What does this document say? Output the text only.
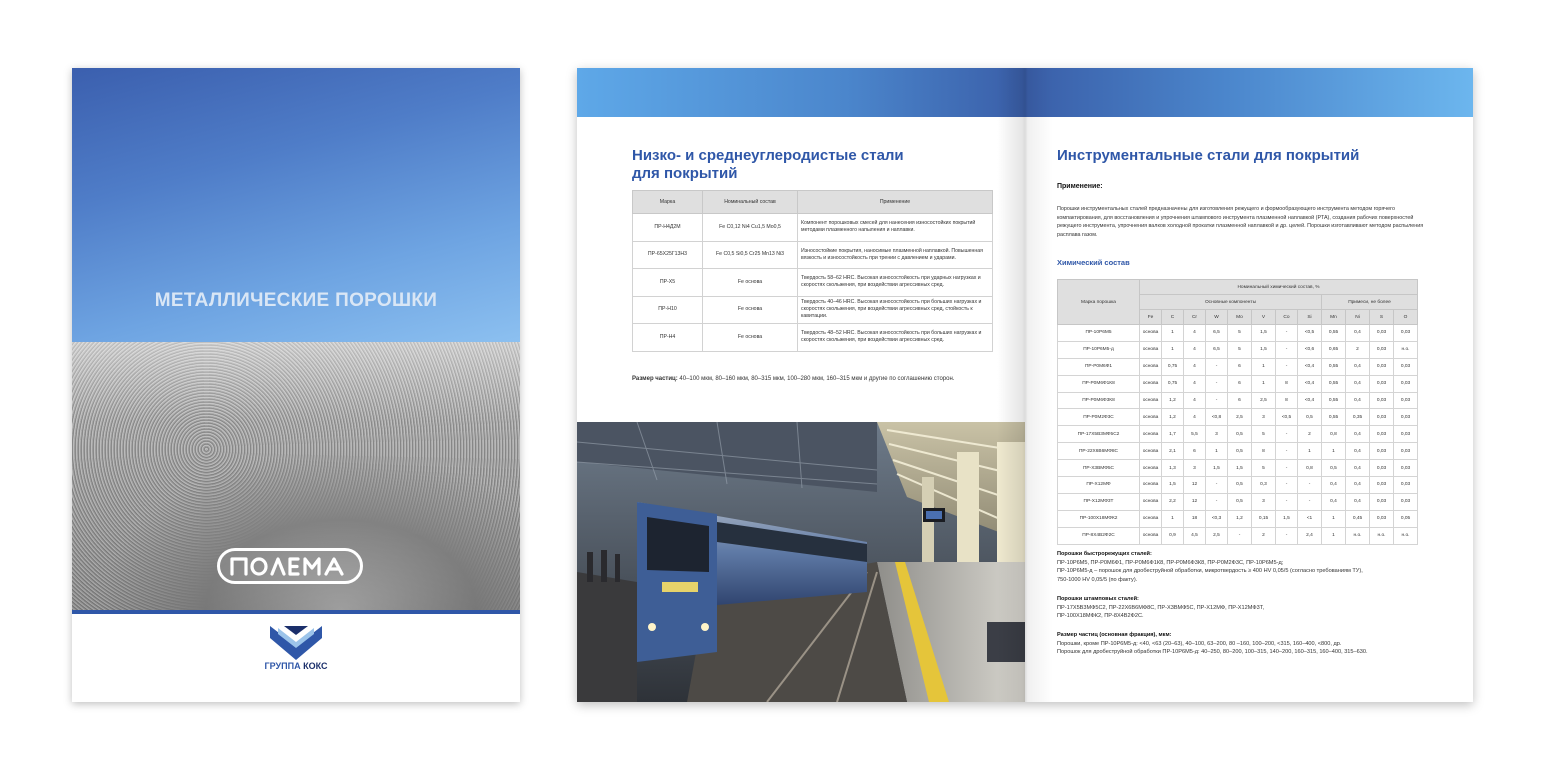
МЕТАЛЛИЧЕСКИЕ ПОРОШКИ
ГРУППА КОКС
Низко- и среднеуглеродистые стали
для покрытий
Марка	Номинальный состав	Применение
ПР-Н4Д2М	Fe C0,12 Ni4 Cu1,5 Mo0,5	Компонент порошковых смесей для нанесения износостойких покрытий методами плазменного напыления и наплавки.
ПР-65Х25Г13Н3	Fe C0,5 Si0,5 Cr25 Mn13 Ni3	Износостойкие покрытия, наносимые плазменной наплавкой. Повышенная вязкость и износостойкость при трении с давлением и ударами.
ПР-Х5	Fe основа	Твердость 58–62 HRC. Высокая износостойкость при ударных нагрузках и скоростях скольжения, при воздействии агрессивных сред.
ПР-Н10	Fe основа	Твердость 40–46 HRC. Высокая износостойкость при больших нагрузках и скоростях скольжения, при воздействии агрессивных сред, стойкость к кавитации.
ПР-Н4	Fe основа	Твердость 48–52 HRC. Высокая износостойкость при больших нагрузках и скоростях скольжения, при воздействии агрессивных сред.
Размер частиц: 40–100 мкм, 80–160 мкм, 80–315 мкм, 100–280 мкм, 160–315 мкм и другие по соглашению сторон.
Инструментальные стали для покрытий
Применение:
Порошки инструментальных сталей предназначены для изготовления режущего и формообразующего инструмента методом горячего компактирования, для восстановления и упрочнения штампового инструмента плазменной наплавкой (PTA), создания рабочих поверхностей режущего инструмента, упрочнения валков холодной прокатки плазменной наплавкой и др. целей. Порошки изготавливают методом распыления расплава газом.
Химический состав
Марка порошка	Номинальный химический состав, %											
	Основные компоненты								Примеси, не более			
	Fe	C	Cr	W	Mo	V	Co	Si	Mn	Ni	S	O
ПР-10Р6М5	основа	1	4	6,5	5	1,5	-	<0,5	0,55	0,4	0,03	0,03
ПР-10Р6М5-д	основа	1	4	6,5	5	1,5	-	<0,6	0,65	2	0,03	н.о.
ПР-Р0М6Ф1	основа	0,75	4	-	6	1	-	<0,4	0,55	0,4	0,03	0,03
ПР-Р0М6Ф1К8	основа	0,75	4	-	6	1	8	<0,4	0,55	0,4	0,03	0,03
ПР-Р0М6Ф3К8	основа	1,2	4	-	6	2,5	8	<0,4	0,55	0,4	0,03	0,03
ПР-Р0М2Ф3С	основа	1,2	4	<0,8	2,5	3	<0,5	0,5	0,55	0,35	0,03	0,03
ПР-17Х5В3МФ5С2	основа	1,7	5,5	3	0,5	5	-	2	0,8	0,4	0,03	0,03
ПР-22Х6В6МФ8С	основа	2,1	6	1	0,5	8	-	1	1	0,4	0,03	0,03
ПР-Х3ВМФ5С	основа	1,3	3	1,5	1,5	5	-	0,8	0,5	0,4	0,03	0,03
ПР-Х12МФ	основа	1,5	12	-	0,5	0,3	-	-	0,4	0,4	0,03	0,03
ПР-Х12МФ3Т	основа	2,2	12	-	0,5	3	-	-	0,4	0,4	0,03	0,03
ПР-100Х18МФК2	основа	1	18	<0,3	1,2	0,15	1,5	<1	1	0,45	0,03	0,05
ПР-8Х4В2Ф2С	основа	0,9	4,5	2,5	-	2	-	2,4	1	н.о.	н.о.	н.о.
Порошки быстрорежущих сталей:
ПР-10Р6М5, ПР-Р0М6Ф1, ПР-Р0М6Ф1К8, ПР-Р0М6Ф3К8, ПР-Р0М2Ф3С, ПР-10Р6М5-д;
ПР-10Р6М5-д – порошок для дробеструйной обработки, микротвердость ≥ 400 HV 0,05/5 (согласно требованиям ТУ),
750-1000 HV 0,05/5 (по факту).
Порошки штамповых сталей:
ПР-17Х5В3МФ5С2, ПР-22Х6В6МФ8С, ПР-Х3ВМФ5С, ПР-Х12МФ, ПР-Х12МФ3Т,
ПР-100Х18МФК2, ПР-8Х4В2Ф2С.
Размер частиц (основная фракция), мкм:
Порошки, кроме ПР-10Р6М5-д: <40, <63 (20–63), 40–100, 63–200, 80 –160, 100–200, <315, 160–400, <800, др.
Порошок для дробеструйной обработки ПР-10Р6М5-д: 40–250, 80–200, 100–315, 140–200, 160–315, 160–400, 315–630.
